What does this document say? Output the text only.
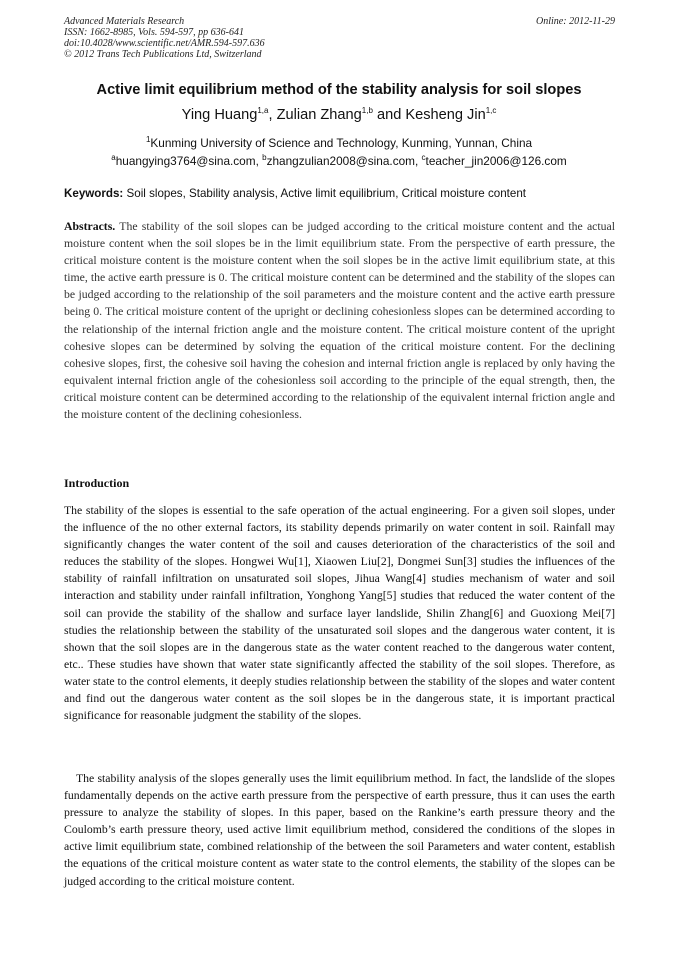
Advanced Materials Research
ISSN: 1662-8985, Vols. 594-597, pp 636-641
doi:10.4028/www.scientific.net/AMR.594-597.636
© 2012 Trans Tech Publications Ltd, Switzerland
Online: 2012-11-29
Active limit equilibrium method of the stability analysis for soil slopes
Ying Huang$^{1,a}$, Zulian Zhang$^{1,b}$ and Kesheng Jin$^{1,c}$
$^1$Kunming University of Science and Technology, Kunming, Yunnan, China
$^a$huangying3764@sina.com, $^b$zhangzulian2008@sina.com, $^c$teacher_jin2006@126.com
Keywords: Soil slopes, Stability analysis, Active limit equilibrium, Critical moisture content
Abstracts. The stability of the soil slopes can be judged according to the critical moisture content and the actual moisture content when the soil slopes be in the limit equilibrium state. From the perspective of earth pressure, the critical moisture content is the moisture content when the soil slopes be in the active limit equilibrium state, at this time, the active earth pressure is 0. The critical moisture content can be determined and the stability of the slopes can be judged according to the relationship of the soil parameters and the moisture content and the active earth pressure being 0. The critical moisture content of the upright or declining cohesionless slopes can be determined according to the relationship of the internal friction angle and the moisture content. The critical moisture content of the upright cohesive slopes can be determined by solving the equation of the critical moisture content. For the declining cohesive slopes, first, the cohesive soil having the cohesion and internal friction angle is replaced by only having the equivalent internal friction angle of the cohesionless soil according to the principle of the equal strength, then, the critical moisture content can be determined according to the relationship of the equivalent internal friction angle and the moisture content of the declining cohesionless.
Introduction
The stability of the slopes is essential to the safe operation of the actual engineering. For a given soil slopes, under the influence of the no other external factors, its stability depends primarily on water content in soil. Rainfall may significantly changes the water content of the soil and causes deterioration of the characteristics of the soil and reduces the stability of the slopes. Hongwei Wu[1], Xiaowen Liu[2], Dongmei Sun[3] studies the influences of the stability of rainfall infiltration on unsaturated soil slopes, Jihua Wang[4] studies mechanism of water and soil interaction and stability under rainfall infiltration, Yonghong Yang[5] studies that reduced the water content of the soil can provide the stability of the shallow and surface layer landslide, Shilin Zhang[6] and Guoxiong Mei[7] studies the relationship between the stability of the unsaturated soil slopes and the dangerous water content, it is shown that the soil slopes are in the dangerous state as the water content reached to the dangerous water content, etc.. These studies have shown that water state significantly affected the stability of the soil slopes. Therefore, as water state to the control elements, it deeply studies relationship between the stability of the slopes and water content and find out the dangerous water content as the soil slopes be in the dangerous state, it is important practical significance for reasonable judgment the stability of the slopes.
The stability analysis of the slopes generally uses the limit equilibrium method. In fact, the landslide of the slopes fundamentally depends on the active earth pressure from the perspective of earth pressure, thus it can uses the earth pressure to analyze the stability of slopes. In this paper, based on the Rankine’s earth pressure theory and the Coulomb’s earth pressure theory, used active limit equilibrium method, considered the conditions of the slopes in active limit equilibrium state, combined relationship of the between the soil Parameters and water content, establish the equations of the critical moisture content as water state to the control elements, the stability of the slopes can be judged according to the critical moisture content.
